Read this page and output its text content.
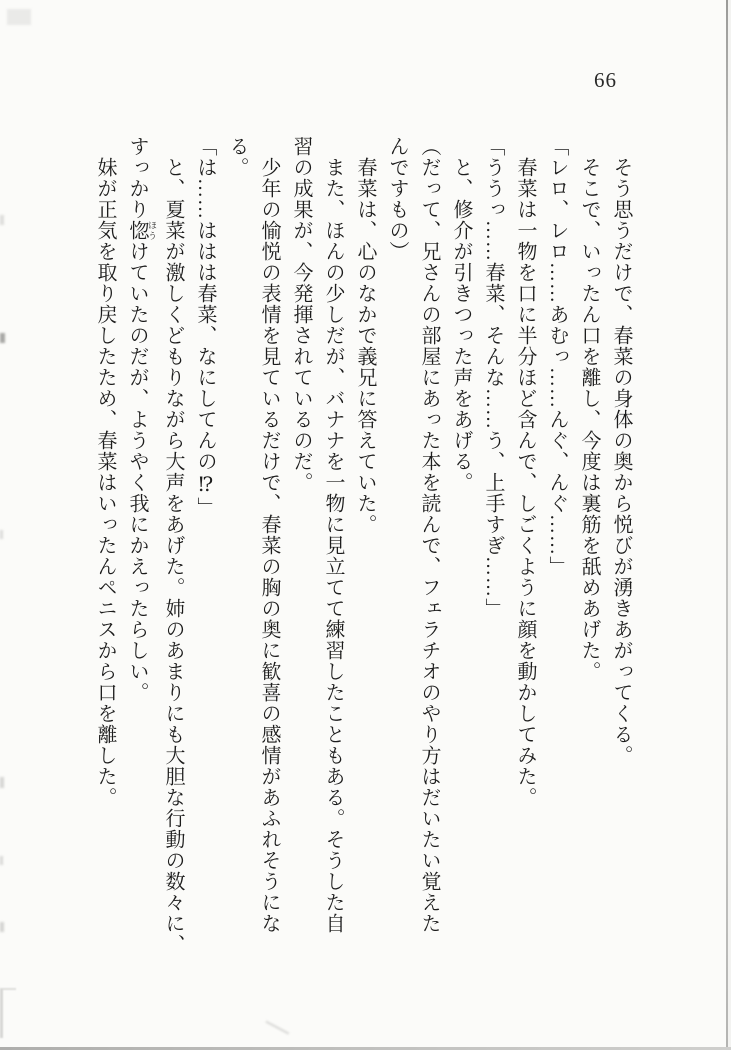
66
　そう思うだけで、春菜の身体の奥から悦びが湧きあがってくる。
　そこで、いったん口を離し、今度は裏筋を舐めあげた。
「レロ、レロ……あむっ……んぐ、んぐ……」
　春菜は一物を口に半分ほど含んで、しごくように顔を動かしてみた。
「ううっ……春菜、そんな……う、上手すぎ……」
　と、修介が引きつった声をあげる。
（だって、兄さんの部屋にあった本を読んで、フェラチオのやり方はだいたい覚えた
んですもの）
　春菜は、心のなかで義兄に答えていた。
　また、ほんの少しだが、バナナを一物に見立てて練習したこともある。そうした自
習の成果が、今発揮されているのだ。
　少年の愉悦の表情を見ているだけで、春菜の胸の奥に歓喜の感情があふれそうにな
る。
「は……ははは春菜、なにしてんの⁉」
　と、夏菜が激しくどもりながら大声をあげた。姉のあまりにも大胆な行動の数々に、
すっかり惚 ほうけていたのだが、ようやく我にかえったらしい。
　妹が正気を取り戻したため、春菜はいったんペニスから口を離した。
